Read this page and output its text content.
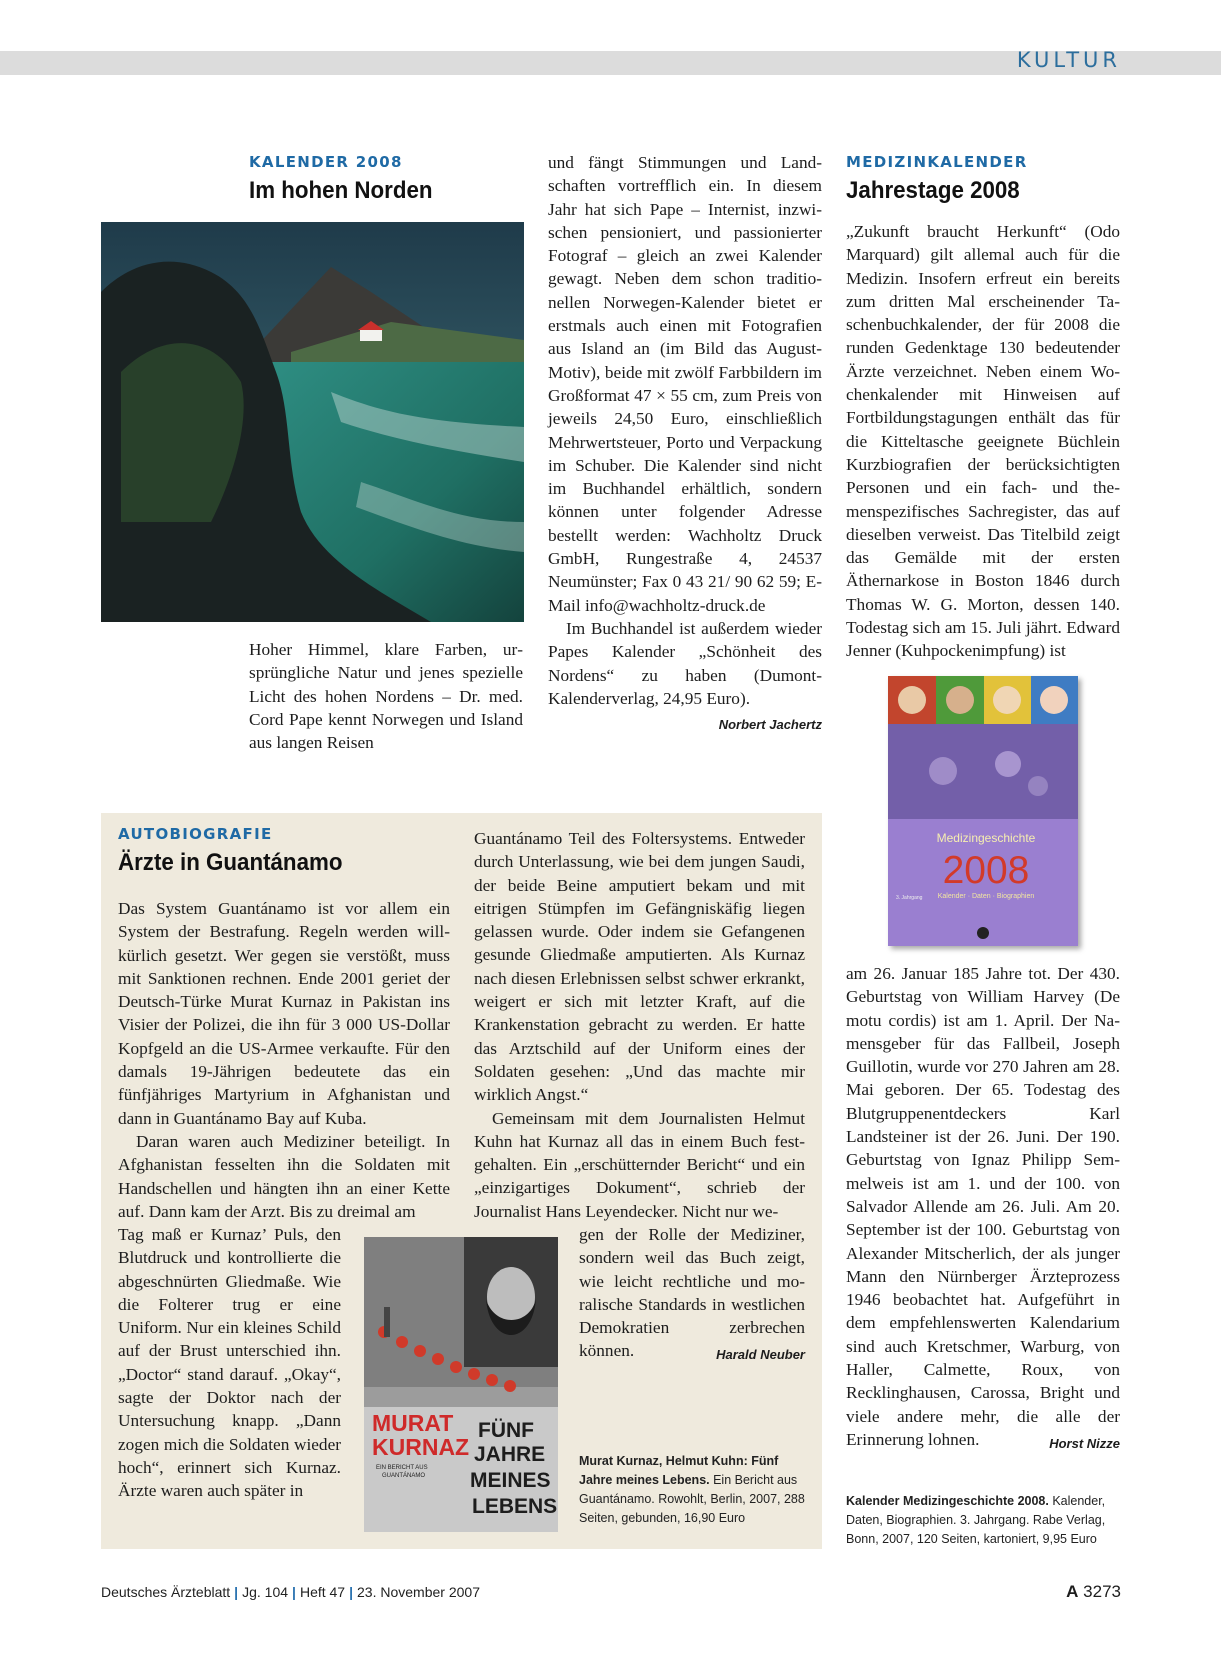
KULTUR
KALENDER 2008
Im hohen Norden

Hoher Himmel, klare Farben, ursprüngliche Natur und jenes spezielle Licht des hohen Nordens – Dr. med. Cord Pape kennt Norwegen und Island aus langen Reisen

und fängt Stimmungen und Landschaften vortrefflich ein. In diesem Jahr hat sich Pape – Internist, inzwischen pensioniert, und passionierter Fotograf – gleich an zwei Kalender gewagt. Neben dem schon traditionellen Norwegen-Kalender bietet er erstmals auch einen mit Fotografien aus Island an (im Bild das August-Motiv), beide mit zwölf Farbbildern im Großformat 47 × 55 cm, zum Preis von jeweils 24,50 Euro, einschließlich Mehrwertsteuer, Porto und Verpackung im Schuber. Die Kalender sind nicht im Buchhandel erhältlich, sondern können unter folgender Adresse bestellt werden: Wachholtz Druck GmbH, Rungestraße 4, 24537 Neumünster; Fax 0 43 21/ 90 62 59; E-Mail info@wachholtz-druck.de

Im Buchhandel ist außerdem wieder Papes Kalender „Schönheit des Nordens“ zu haben (Dumont-Kalenderverlag, 24,95 Euro).

Norbert Jachertz
MEDIZINKALENDER
Jahrestage 2008

„Zukunft braucht Herkunft“ (Odo Marquard) gilt allemal auch für die Medizin. Insofern erfreut ein bereits zum dritten Mal erscheinender Taschenbuchkalender, der für 2008 die runden Gedenktage 130 bedeutender Ärzte verzeichnet. Neben einem Wochenkalender mit Hinweisen auf Fortbildungstagungen enthält das für die Kitteltasche geeignete Büchlein Kurzbiografien der berücksichtigten Personen und ein fach- und themenspezifisches Sachregister, das auf dieselben verweist. Das Titelbild zeigt das Gemälde mit der ersten Äthernarkose in Boston 1846 durch Thomas W. G. Morton, dessen 140. Todestag sich am 15. Juli jährt. Edward Jenner (Kuhpockenimpfung) ist

Medizingeschichte
2008
Kalender · Daten · Biographien
3. Jahrgang

am 26. Januar 185 Jahre tot. Der 430. Geburtstag von William Harvey (De motu cordis) ist am 1. April. Der Namensgeber für das Fallbeil, Joseph Guillotin, wurde vor 270 Jahren am 28. Mai geboren. Der 65. Todestag des Blutgruppenentdeckers Karl Landsteiner ist der 26. Juni. Der 190. Geburtstag von Ignaz Philipp Semmelweis ist am 1. und der 100. von Salvador Allende am 26. Juli. Am 20. September ist der 100. Geburtstag von Alexander Mitscherlich, der als junger Mann den Nürnberger Ärzteprozess 1946 beobachtet hat. Aufgeführt in dem empfehlenswerten Kalendarium sind auch Kretschmer, Warburg, von Haller, Calmette, Roux, von Recklinghausen, Carossa, Bright und viele andere mehr, die alle der Erinnerung lohnen.	Horst Nizze

Kalender Medizingeschichte 2008. Kalender, Daten, Biographien. 3. Jahrgang. Rabe Verlag, Bonn, 2007, 120 Seiten, kartoniert, 9,95 Euro
AUTOBIOGRAFIE
Ärzte in Guantánamo

Das System Guantánamo ist vor allem ein System der Bestrafung. Regeln werden willkürlich gesetzt. Wer gegen sie verstößt, muss mit Sanktionen rechnen. Ende 2001 geriet der Deutsch-Türke Murat Kurnaz in Pakistan ins Visier der Polizei, die ihn für 3 000 US-Dollar Kopfgeld an die US-Armee verkaufte. Für den damals 19-Jährigen bedeutete das ein fünfjähriges Martyrium in Afghanistan und dann in Guantánamo Bay auf Kuba.

Daran waren auch Mediziner beteiligt. In Afghanistan fesselten ihn die Soldaten mit Handschellen und hängten ihn an einer Kette auf. Dann kam der Arzt. Bis zu dreimal am

Tag maß er Kurnaz’ Puls, den Blutdruck und kontrollierte die abgeschnürten Gliedmaße. Wie die Folterer trug er eine Uniform. Nur ein kleines Schild auf der Brust unterschied ihn. „Doctor“ stand darauf. „Okay“, sagte der Doktor nach der Untersuchung knapp. „Dann zogen mich die Soldaten wieder hoch“, erinnert sich Kurnaz. Ärzte waren auch später in

Guantánamo Teil des Foltersystems. Entweder durch Unterlassung, wie bei dem jungen Saudi, der beide Beine amputiert bekam und mit eitrigen Stümpfen im Gefängniskäfig liegen gelassen wurde. Oder indem sie Gefangenen gesunde Gliedmaße amputierten. Als Kurnaz nach diesen Erlebnissen selbst schwer erkrankt, weigert er sich mit letzter Kraft, auf die Krankenstation gebracht zu werden. Er hatte das Arztschild auf der Uniform eines der Soldaten gesehen: „Und das machte mir wirklich Angst.“

Gemeinsam mit dem Journalisten Helmut Kuhn hat Kurnaz all das in einem Buch festgehalten. Ein „erschütternder Bericht“ und ein „einzigartiges Dokument“, schrieb der Journalist Hans Leyendecker. Nicht nur we-

gen der Rolle der Mediziner, sondern weil das Buch zeigt, wie leicht rechtliche und moralische Standards in westlichen Demokratien zerbrechen können.	Harald Neuber

MURAT
KURNAZ
EIN BERICHT AUS
GUANTÁNAMO
FÜNF
JAHRE
MEINES
LEBENS
Murat Kurnaz, Helmut Kuhn: Fünf Jahre meines Lebens. Ein Bericht aus Guantánamo. Rowohlt, Berlin, 2007, 288 Seiten, gebunden, 16,90 Euro
Deutsches Ärzteblatt | Jg. 104 | Heft 47 | 23. November 2007	A 3273
